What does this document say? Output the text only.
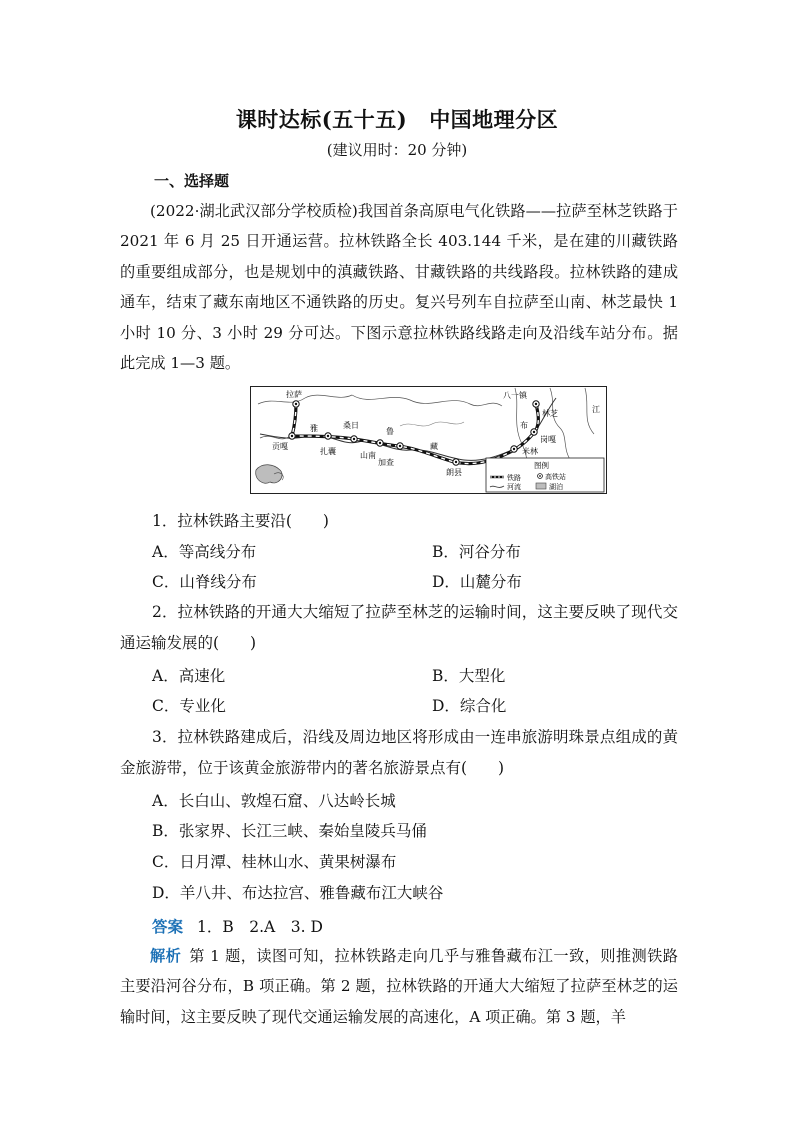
课时达标(五十五) 中国地理分区
(建议用时：20 分钟)
一、选择题

(2022·湖北武汉部分学校质检)我国首条高原电气化铁路——拉萨至林芝铁路于 2021 年 6 月 25 日开通运营。拉林铁路全长 403.144 千米，是在建的川藏铁路的重要组成部分，也是规划中的滇藏铁路、甘藏铁路的共线路段。拉林铁路的建成通车，结束了藏东南地区不通铁路的历史。复兴号列车自拉萨至山南、林芝最快 1 小时 10 分、3 小时 29 分可达。下图示意拉林铁路线路走向及沿线车站分布。据此完成 1—3 题。

拉萨
贡嘎
雅
扎囊
桑日
山南
鲁
加查
藏
朗县
八一镇
林芝
布
江
岗嘎
米林
图例
铁路	高铁站
河流	湖泊

1．拉林铁路主要沿(　　)

A．等高线分布	B．河谷分布
C．山脊线分布	D．山麓分布

2．拉林铁路的开通大大缩短了拉萨至林芝的运输时间，这主要反映了现代交通运输发展的(　　)

A．高速化	B．大型化
C．专业化	D．综合化

3．拉林铁路建成后，沿线及周边地区将形成由一连串旅游明珠景点组成的黄金旅游带，位于该黄金旅游带内的著名旅游景点有(　　)

A．长白山、敦煌石窟、八达岭长城
B．张家界、长江三峡、秦始皇陵兵马俑
C．日月潭、桂林山水、黄果树瀑布
D．羊八井、布达拉宫、雅鲁藏布江大峡谷
答案 1．B　2.A　3. D

解析 第 1 题，读图可知，拉林铁路走向几乎与雅鲁藏布江一致，则推测铁路主要沿河谷分布，B 项正确。第 2 题，拉林铁路的开通大大缩短了拉萨至林芝的运输时间，这主要反映了现代交通运输发展的高速化，A 项正确。第 3 题，羊
